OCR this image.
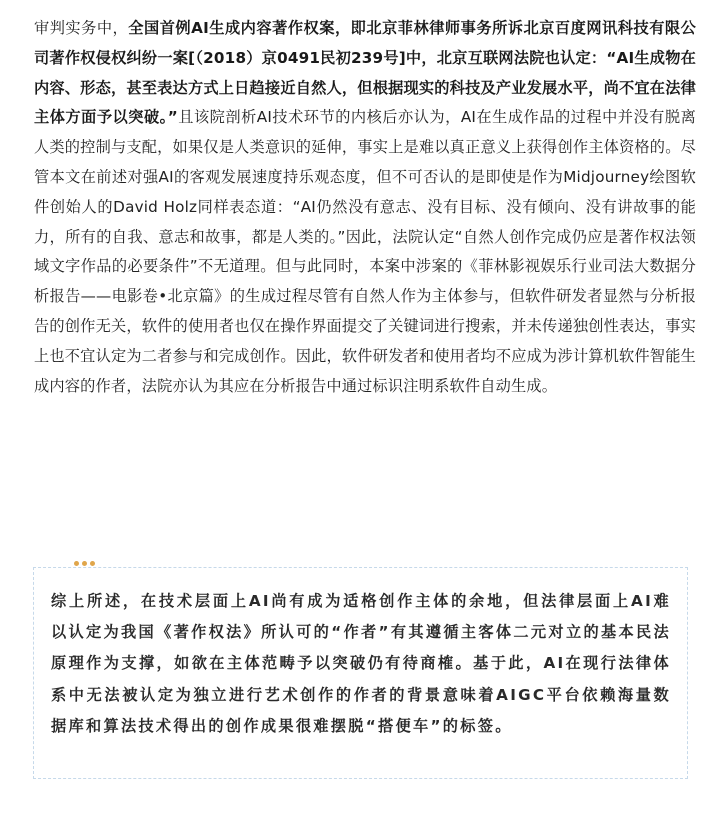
审判实务中，全国首例AI生成内容著作权案，即北京菲林律师事务所诉北京百度网讯科技有限公司著作权侵权纠纷一案[（2018）京0491民初239号]中，北京互联网法院也认定：“AI生成物在内容、形态，甚至表达方式上日趋接近自然人，但根据现实的科技及产业发展水平，尚不宜在法律主体方面予以突破。”且该院剖析AI技术环节的内核后亦认为，AI在生成作品的过程中并没有脱离人类的控制与支配，如果仅是人类意识的延伸，事实上是难以真正意义上获得创作主体资格的。尽管本文在前述对强AI的客观发展速度持乐观态度，但不可否认的是即使是作为Midjourney绘图软件创始人的David Holz同样表态道：“AI仍然没有意志、没有目标、没有倾向、没有讲故事的能力，所有的自我、意志和故事，都是人类的。”因此，法院认定“自然人创作完成仍应是著作权法领域文字作品的必要条件”不无道理。但与此同时，本案中涉案的《菲林影视娱乐行业司法大数据分析报告——电影卷•北京篇》的生成过程尽管有自然人作为主体参与，但软件研发者显然与分析报告的创作无关，软件的使用者也仅在操作界面提交了关键词进行搜索，并未传递独创性表达，事实上也不宜认定为二者参与和完成创作。因此，软件研发者和使用者均不应成为涉计算机软件智能生成内容的作者，法院亦认为其应在分析报告中通过标识注明系软件自动生成。
综上所述，在技术层面上AI尚有成为适格创作主体的余地，但法律层面上AI难以认定为我国《著作权法》所认可的“作者”有其遵循主客体二元对立的基本民法原理作为支撑，如欲在主体范畴予以突破仍有待商榷。基于此，AI在现行法律体系中无法被认定为独立进行艺术创作的作者的背景意味着AIGC平台依赖海量数据库和算法技术得出的创作成果很难摆脱“搭便车”的标签。
